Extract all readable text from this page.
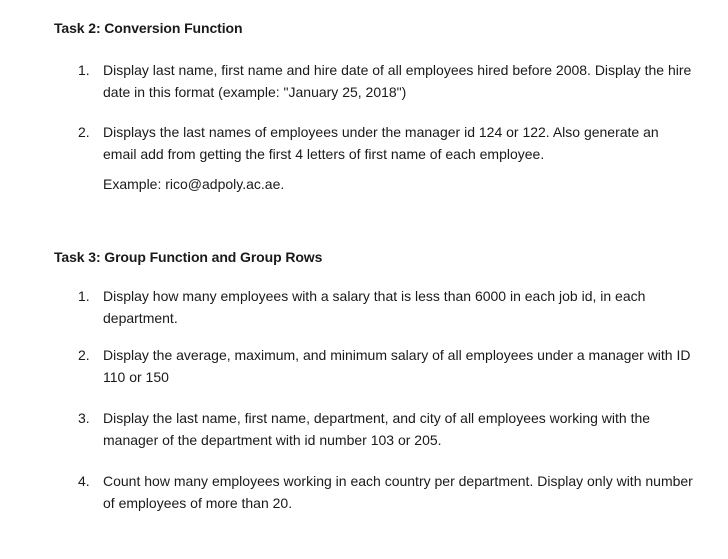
Task 2: Conversion Function
1. Display last name, first name and hire date of all employees hired before 2008. Display the hire date in this format (example: "January 25, 2018")
2. Displays the last names of employees under the manager id 124 or 122. Also generate an email add from getting the first 4 letters of first name of each employee.
Example: rico@adpoly.ac.ae.
Task 3: Group Function and Group Rows
1. Display how many employees with a salary that is less than 6000 in each job id, in each department.
2. Display the average, maximum, and minimum salary of all employees under a manager with ID 110 or 150
3. Display the last name, first name, department, and city of all employees working with the manager of the department with id number 103 or 205.
4. Count how many employees working in each country per department. Display only with number of employees of more than 20.
